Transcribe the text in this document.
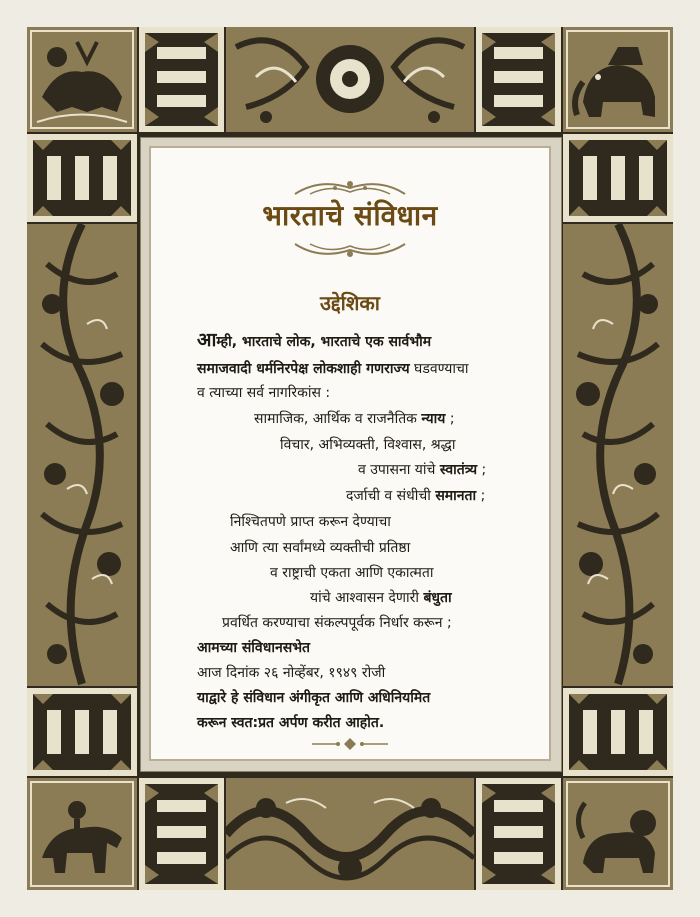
भारताचे संविधान
उद्देशिका
आम्ही, भारताचे लोक, भारताचे एक सार्वभौम
समाजवादी धर्मनिरपेक्ष लोकशाही गणराज्य घडवण्याचा
व त्याच्या सर्व नागरिकांस :
सामाजिक, आर्थिक व राजनैतिक न्याय ;
विचार, अभिव्यक्ती, विश्वास, श्रद्धा
व उपासना यांचे स्वातंत्र्य ;
दर्जाची व संधीची समानता ;
निश्चितपणे प्राप्त करून देण्याचा
आणि त्या सर्वांमध्ये व्यक्तीची प्रतिष्ठा
व राष्ट्राची एकता आणि एकात्मता
यांचे आश्वासन देणारी बंधुता
प्रवर्धित करण्याचा संकल्पपूर्वक निर्धार करून ;
आमच्या संविधानसभेत
आज दिनांक २६ नोव्हेंबर, १९४९ रोजी
याद्वारे हे संविधान अंगीकृत आणि अधिनियमित
करून स्वत:प्रत अर्पण करीत आहोत.
